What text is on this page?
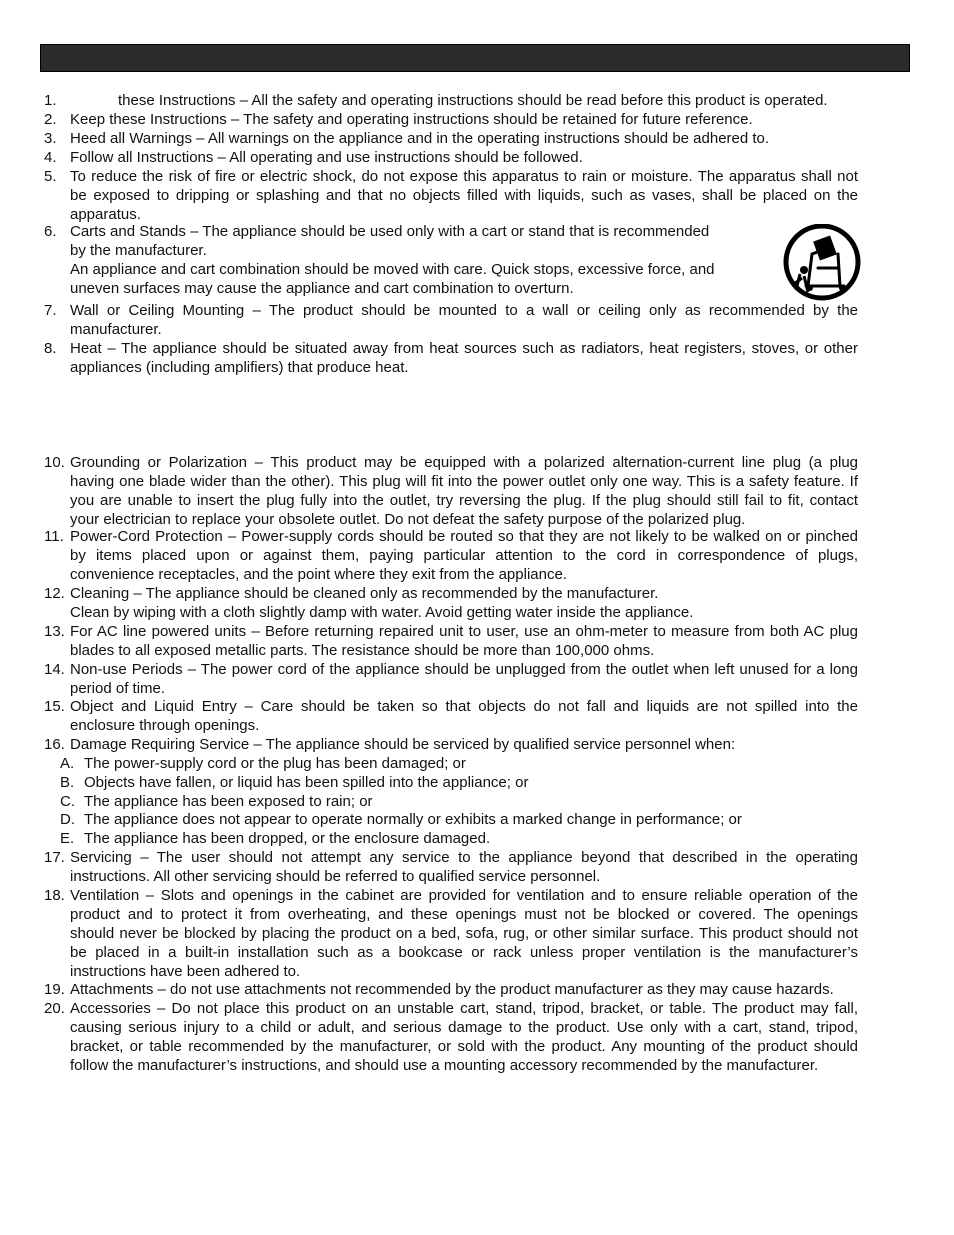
1.	these Instructions – All the safety and operating instructions should be read before this product is operated.
2. Keep these Instructions – The safety and operating instructions should be retained for future reference.
3. Heed all Warnings – All warnings on the appliance and in the operating instructions should be adhered to.
4. Follow all Instructions – All operating and use instructions should be followed.
5. To reduce the risk of fire or electric shock, do not expose this apparatus to rain or moisture. The apparatus shall not
be exposed to dripping or splashing and that no objects filled with liquids, such as vases, shall be placed on the
apparatus.
6. Carts and Stands – The appliance should be used only with a cart or stand that is recommended
by the manufacturer.
An appliance and cart combination should be moved with care. Quick stops, excessive force, and
uneven surfaces may cause the appliance and cart combination to overturn.
7. Wall or Ceiling Mounting – The product should be mounted to a wall or ceiling only as recommended by the
manufacturer.
8. Heat – The appliance should be situated away from heat sources such as radiators, heat registers, stoves, or other
appliances (including amplifiers) that produce heat.
10. Grounding or Polarization – This product may be equipped with a polarized alternation-current line plug (a plug
having one blade wider than the other). This plug will fit into the power outlet only one way. This is a safety feature. If
you are unable to insert the plug fully into the outlet, try reversing the plug. If the plug should still fail to fit, contact
your electrician to replace your obsolete outlet. Do not defeat the safety purpose of the polarized plug.
11. Power-Cord Protection – Power-supply cords should be routed so that they are not likely to be walked on or pinched
by items placed upon or against them, paying particular attention to the cord in correspondence of plugs,
convenience receptacles, and the point where they exit from the appliance.
12. Cleaning – The appliance should be cleaned only as recommended by the manufacturer.
Clean by wiping with a cloth slightly damp with water. Avoid getting water inside the appliance.
13. For AC line powered units – Before returning repaired unit to user, use an ohm-meter to measure from both AC plug
blades to all exposed metallic parts. The resistance should be more than 100,000 ohms.
14. Non-use Periods – The power cord of the appliance should be unplugged from the outlet when left unused for a long
period of time.
15. Object and Liquid Entry – Care should be taken so that objects do not fall and liquids are not spilled into the
enclosure through openings.
16. Damage Requiring Service – The appliance should be serviced by qualified service personnel when:
17. Servicing – The user should not attempt any service to the appliance beyond that described in the operating
instructions. All other servicing should be referred to qualified service personnel.
18. Ventilation – Slots and openings in the cabinet are provided for ventilation and to ensure reliable operation of the
product and to protect it from overheating, and these openings must not be blocked or covered. The openings
should never be blocked by placing the product on a bed, sofa, rug, or other similar surface. This product should not
be placed in a built-in installation such as a bookcase or rack unless proper ventilation is the manufacturer’s
instructions have been adhered to.
19. Attachments – do not use attachments not recommended by the product manufacturer as they may cause hazards.
20. Accessories – Do not place this product on an unstable cart, stand, tripod, bracket, or table. The product may fall,
causing serious injury to a child or adult, and serious damage to the product. Use only with a cart, stand, tripod,
bracket, or table recommended by the manufacturer, or sold with the product. Any mounting of the product should
follow the manufacturer’s instructions, and should use a mounting accessory recommended by the manufacturer.
A. The power-supply cord or the plug has been damaged; or
B. Objects have fallen, or liquid has been spilled into the appliance; or
C. The appliance has been exposed to rain; or
D. The appliance does not appear to operate normally or exhibits a marked change in performance; or
E. The appliance has been dropped, or the enclosure damaged.
